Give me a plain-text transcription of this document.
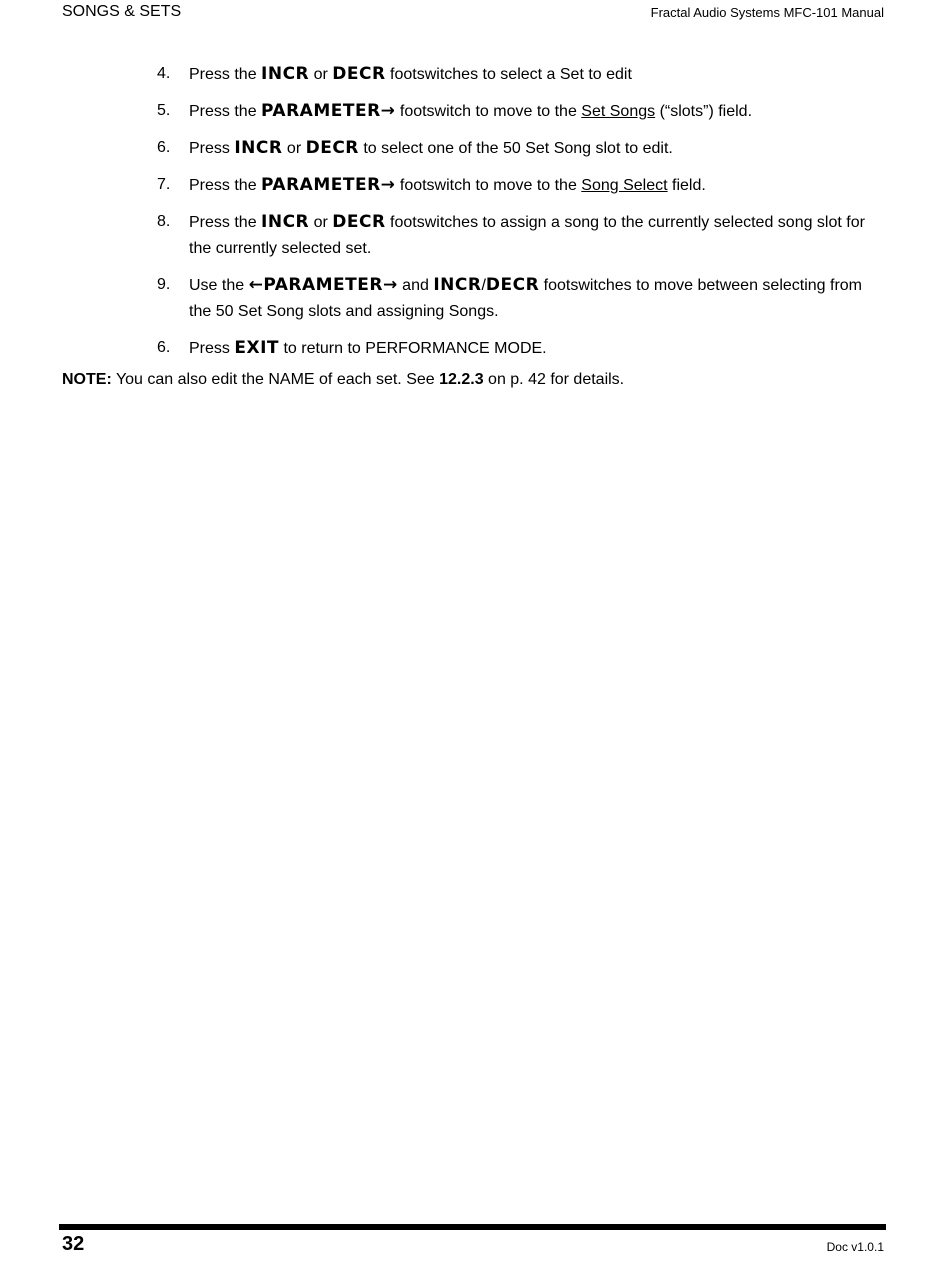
SONGS & SETS	Fractal Audio Systems MFC-101 Manual
4. Press the INCR or DECR footswitches to select a Set to edit
5. Press the PARAMETER→ footswitch to move to the Set Songs (“slots”) field.
6. Press INCR or DECR to select one of the 50 Set Song slot to edit.
7. Press the PARAMETER→ footswitch to move to the Song Select field.
8. Press the INCR or DECR footswitches to assign a song to the currently selected song slot for the currently selected set.
9. Use the ←PARAMETER→ and INCR/DECR footswitches to move between selecting from the 50 Set Song slots and assigning Songs.
6. Press EXIT to return to PERFORMANCE MODE.
NOTE: You can also edit the NAME of each set. See 12.2.3 on p. 42 for details.
32	Doc v1.0.1
